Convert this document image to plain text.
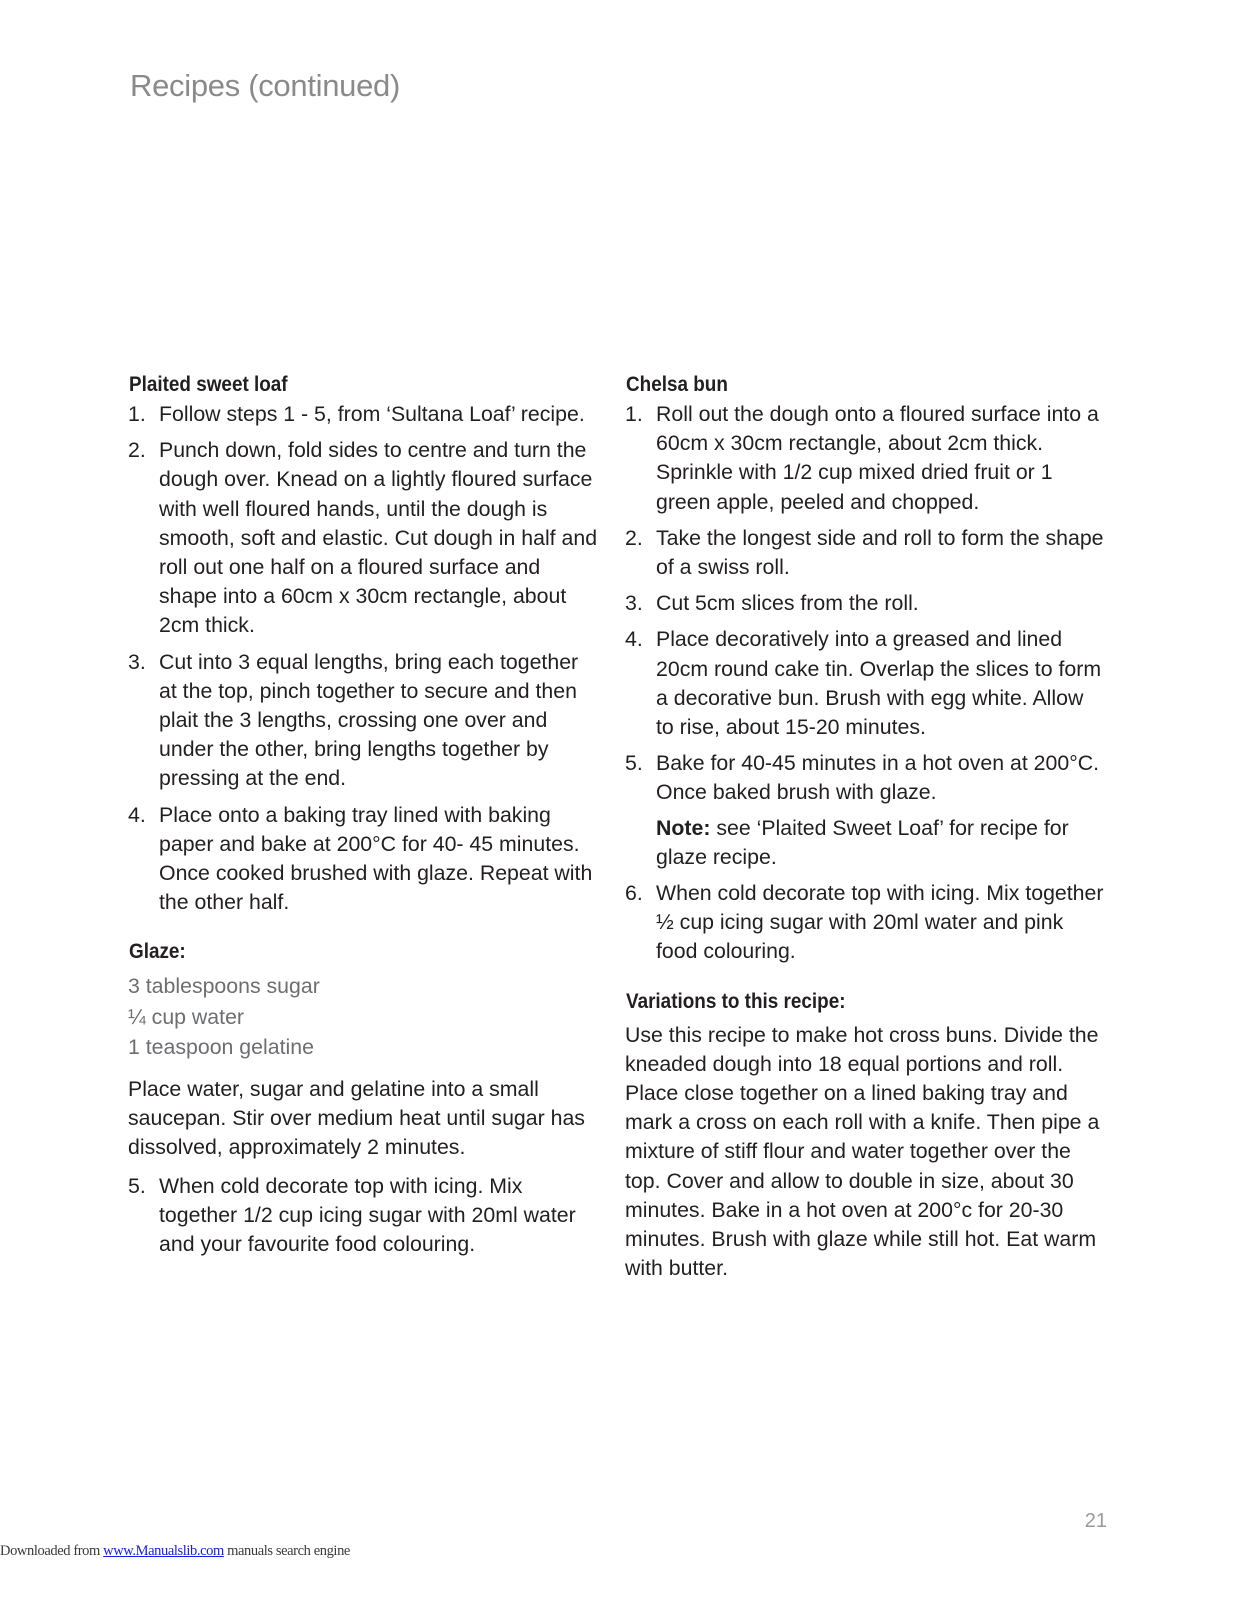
Recipes (continued)
Plaited sweet loaf
1. Follow steps 1 - 5, from ‘Sultana Loaf’ recipe.
2. Punch down, fold sides to centre and turn the dough over. Knead on a lightly floured surface with well floured hands, until the dough is smooth, soft and elastic. Cut dough in half and roll out one half on a floured surface and shape into a 60cm x 30cm rectangle, about 2cm thick.
3. Cut into 3 equal lengths, bring each together at the top, pinch together to secure and then plait the 3 lengths, crossing one over and under the other, bring lengths together by pressing at the end.
4. Place onto a baking tray lined with baking paper and bake at 200°C for 40- 45 minutes. Once cooked brushed with glaze. Repeat with the other half.
Glaze:
3 tablespoons sugar
¼ cup water
1 teaspoon gelatine
Place water, sugar and gelatine into a small saucepan. Stir over medium heat until sugar has dissolved, approximately 2 minutes.
5. When cold decorate top with icing. Mix together 1/2 cup icing sugar with 20ml water and your favourite food colouring.
Chelsa bun
1. Roll out the dough onto a floured surface into a 60cm x 30cm rectangle, about 2cm thick. Sprinkle with 1/2 cup mixed dried fruit or 1 green apple, peeled and chopped.
2. Take the longest side and roll to form the shape of a swiss roll.
3. Cut 5cm slices from the roll.
4. Place decoratively into a greased and lined 20cm round cake tin. Overlap the slices to form a decorative bun. Brush with egg white. Allow to rise, about 15-20 minutes.
5. Bake for 40-45 minutes in a hot oven at 200°C. Once baked brush with glaze.
Note: see ‘Plaited Sweet Loaf’ for recipe for glaze recipe.
6. When cold decorate top with icing. Mix together ½ cup icing sugar with 20ml water and pink food colouring.
Variations to this recipe:
Use this recipe to make hot cross buns. Divide the kneaded dough into 18 equal portions and roll. Place close together on a lined baking tray and mark a cross on each roll with a knife. Then pipe a mixture of stiff flour and water together over the top. Cover and allow to double in size, about 30 minutes. Bake in a hot oven at 200°c for 20-30 minutes. Brush with glaze while still hot. Eat warm with butter.
21
Downloaded from www.Manualslib.com manuals search engine
